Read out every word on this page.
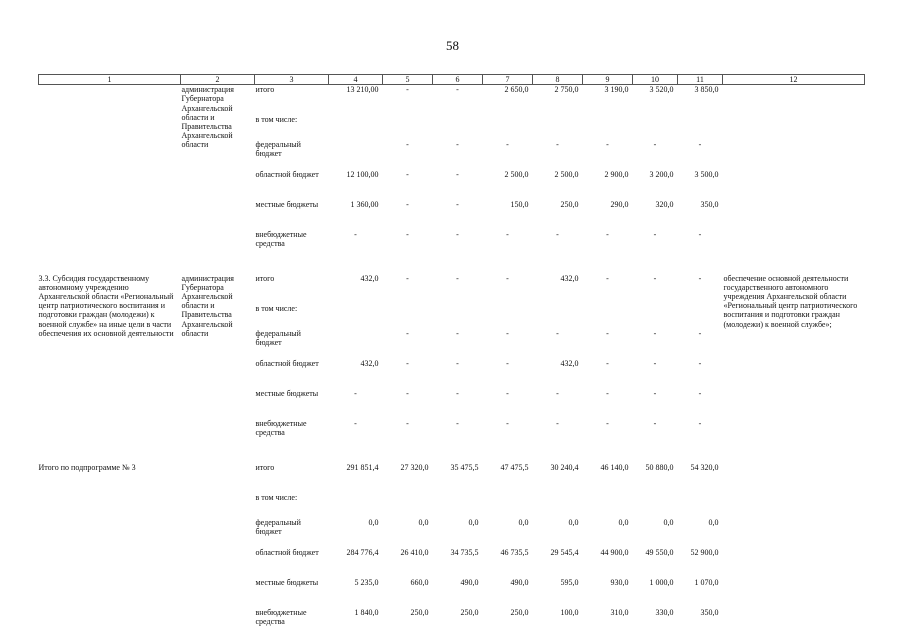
58
1	2	3	4	5	6	7	8	9	10	11	12
	администрация Губернатора Архангельской области и Правительства Архангельской области	итого	13 210,00	-	-	2 650,0	2 750,0	3 190,0	3 520,0	3 850,0	
		в том числе:									
		федеральный бюджет		-	-	-	-	-	-	-	
		областной бюджет	12 100,00	-	-	2 500,0	2 500,0	2 900,0	3 200,0	3 500,0	
		местные бюджеты	1 360,00	-	-	150,0	250,0	290,0	320,0	350,0	
		внебюджетные средства	-	-	-	-	-	-	-	-	

3.3. Субсидия государственному автономному учреждению Архангельской области «Региональный центр патриотического воспитания и подготовки граждан (молодежи) к военной службе» на иные цели в части обеспечения их основной деятельности	администрация Губернатора Архангельской области и Правительства Архангельской области	итого	432,0	-	-	-	432,0	-	-	-	обеспечение основной деятельности государственного автономного учреждения Архангельской области «Региональный центр патриотического воспитания и подготовки граждан (молодежи) к военной службе»;
		в том числе:									
		федеральный бюджет		-	-	-	-	-	-	-	
		областной бюджет	432,0	-	-	-	432,0	-	-	-	
		местные бюджеты	-	-	-	-	-	-	-	-	
		внебюджетные средства	-	-	-	-	-	-	-	-	

Итого по подпрограмме № 3		итого	291 851,4	27 320,0	35 475,5	47 475,5	30 240,4	46 140,0	50 880,0	54 320,0	
		в том числе:									
		федеральный бюджет	0,0	0,0	0,0	0,0	0,0	0,0	0,0	0,0	
		областной бюджет	284 776,4	26 410,0	34 735,5	46 735,5	29 545,4	44 900,0	49 550,0	52 900,0	
		местные бюджеты	5 235,0	660,0	490,0	490,0	595,0	930,0	1 000,0	1 070,0	
		внебюджетные средства	1 840,0	250,0	250,0	250,0	100,0	310,0	330,0	350,0	
